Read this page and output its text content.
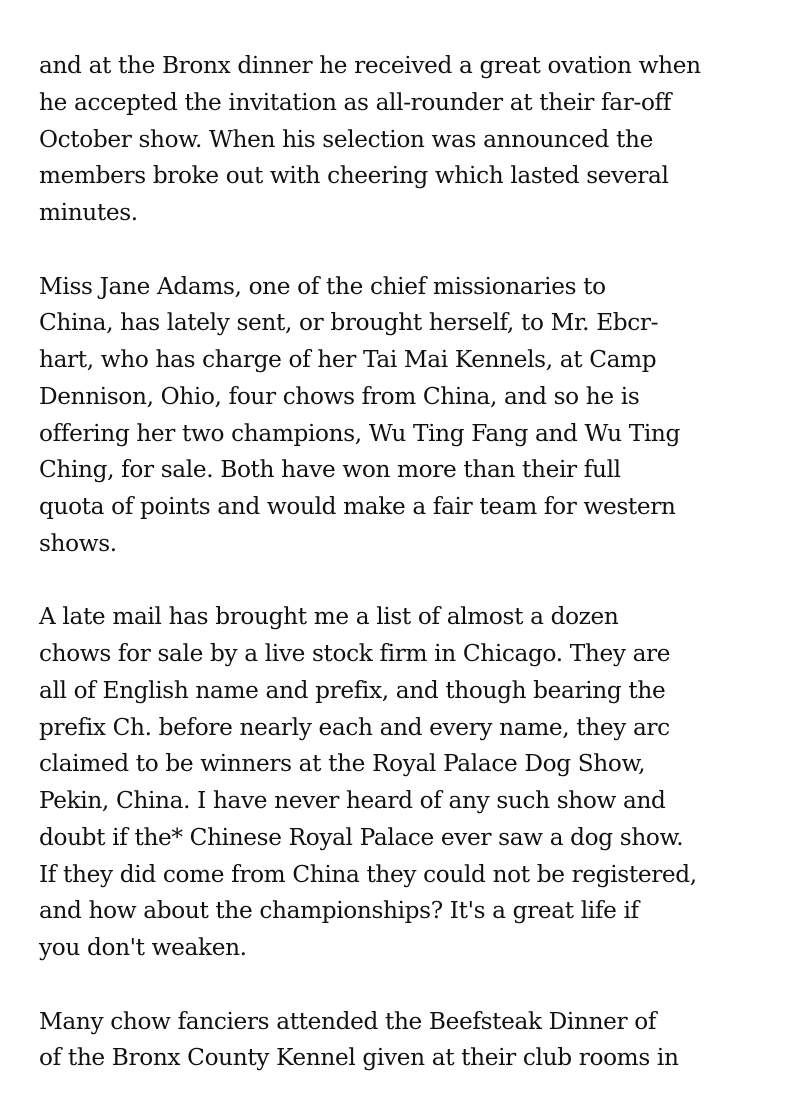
and at the Bronx dinner he received a great ovation when
he accepted the invitation as all-rounder at their far-off
October show. When his selection was announced the
members broke out with cheering which lasted several
minutes.

Miss Jane Adams, one of the chief missionaries to
China, has lately sent, or brought herself, to Mr. Ebcr-
hart, who has charge of her Tai Mai Kennels, at Camp
Dennison, Ohio, four chows from China, and so he is
offering her two champions, Wu Ting Fang and Wu Ting
Ching, for sale. Both have won more than their full
quota of points and would make a fair team for western
shows.

A late mail has brought me a list of almost a dozen
chows for sale by a live stock firm in Chicago. They are
all of English name and prefix, and though bearing the
prefix Ch. before nearly each and every name, they arc
claimed to be winners at the Royal Palace Dog Show,
Pekin, China. I have never heard of any such show and
doubt if the* Chinese Royal Palace ever saw a dog show.
If they did come from China they could not be registered,
and how about the championships? It's a great life if
you don't weaken.

Many chow fanciers attended the Beefsteak Dinner of
of the Bronx County Kennel given at their club rooms in
